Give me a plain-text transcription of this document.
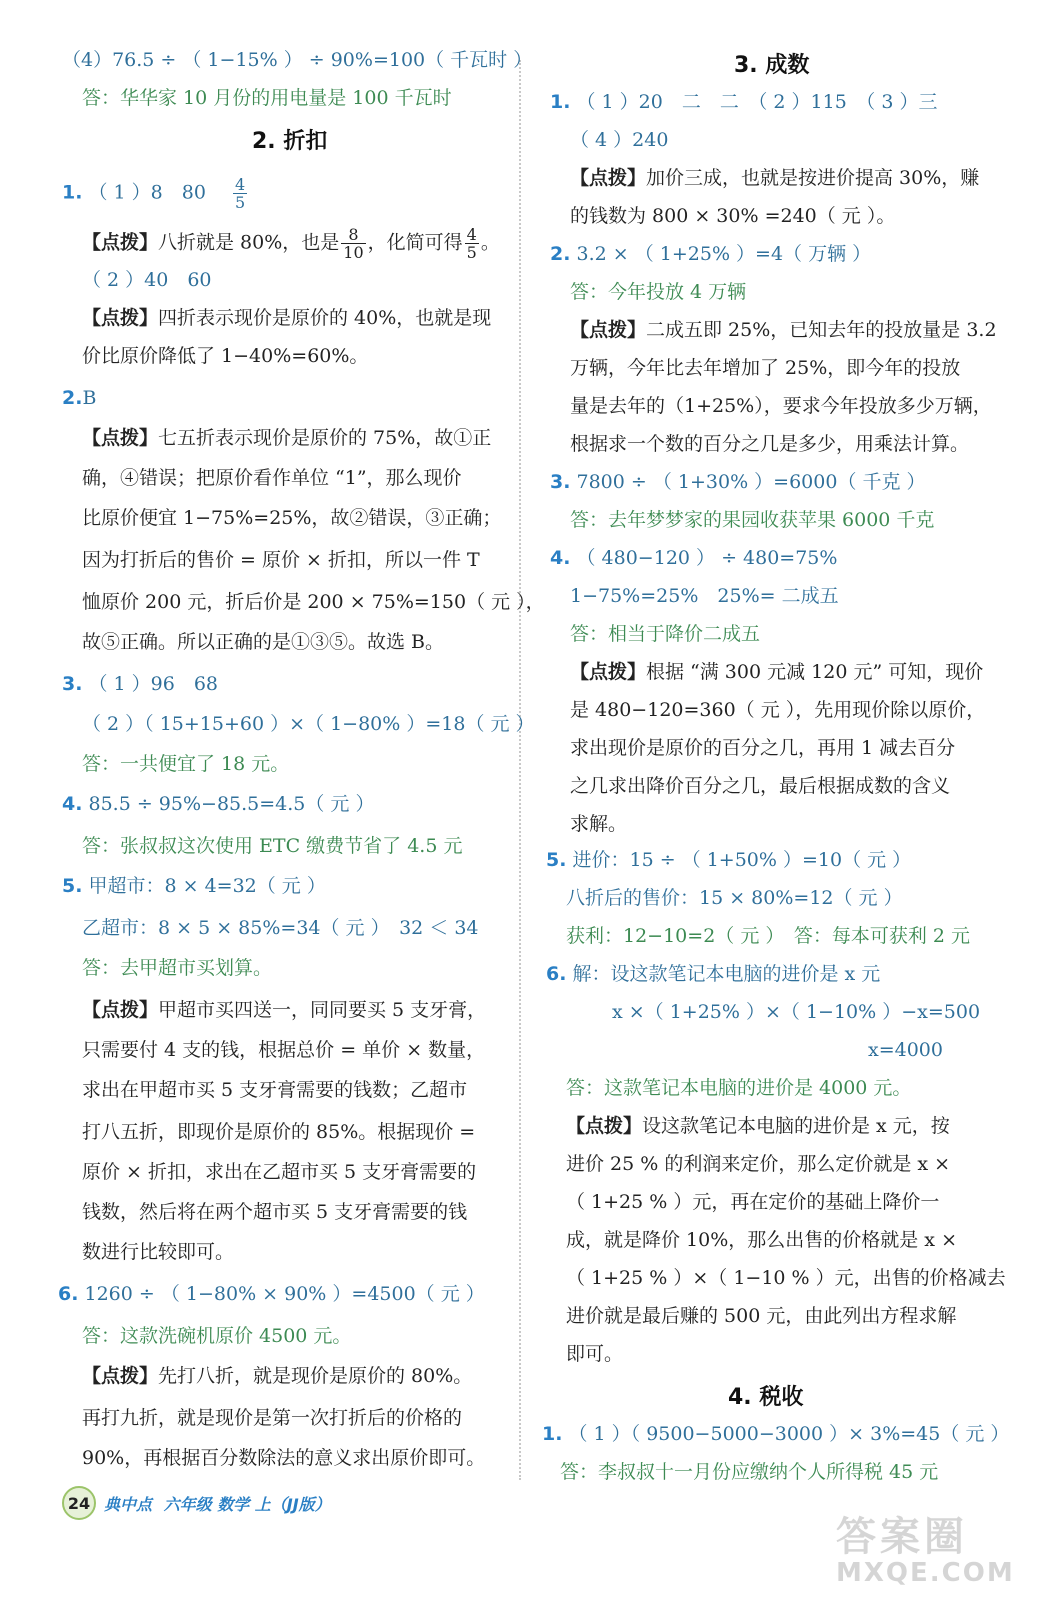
（4）76.5 ÷ （ 1−15% ） ÷ 90%=100（ 千瓦时 ）
答：华华家 10 月份的用电量是 100 千瓦时
2. 折扣
1. （ 1 ）8　80　 $\frac{4}{5}$
【点拨】八折就是 80%，也是 $\frac{8}{10}$ ，化简可得 $\frac{4}{5}$ 。
（ 2 ）40　60
【点拨】四折表示现价是原价的 40%，也就是现
价比原价降低了 1−40%=60%。
2.B
【点拨】七五折表示现价是原价的 75%，故①正
确，④错误；把原价看作单位 “1”，那么现价
比原价便宜 1−75%=25%，故②错误，③正确；
因为打折后的售价 = 原价 × 折扣，所以一件 T
恤原价 200 元，折后价是 200 × 75%=150（ 元 ），
故⑤正确。所以正确的是①③⑤。故选 B。
3. （ 1 ）96　68
（ 2 ）（ 15+15+60 ）×（ 1−80% ）=18（ 元 ）
答：一共便宜了 18 元。
4. 85.5 ÷ 95%−85.5=4.5（ 元 ）
答：张叔叔这次使用 ETC 缴费节省了 4.5 元
5. 甲超市：8 × 4=32（ 元 ）
乙超市：8 × 5 × 85%=34（ 元 ）　32 ＜ 34
答：去甲超市买划算。
【点拨】甲超市买四送一，同同要买 5 支牙膏，
只需要付 4 支的钱，根据总价 = 单价 × 数量，
求出在甲超市买 5 支牙膏需要的钱数；乙超市
打八五折，即现价是原价的 85%。根据现价 =
原价 × 折扣，求出在乙超市买 5 支牙膏需要的
钱数，然后将在两个超市买 5 支牙膏需要的钱
数进行比较即可。
6. 1260 ÷ （ 1−80% × 90% ）=4500（ 元 ）
答：这款洗碗机原价 4500 元。
【点拨】先打八折，就是现价是原价的 80%。
再打九折，就是现价是第一次打折后的价格的
90%，再根据百分数除法的意义求出原价即可。
3. 成数
1. （ 1 ）20　二　二　（ 2 ）115　（ 3 ）三
（ 4 ）240
【点拨】加价三成，也就是按进价提高 30%，赚
的钱数为 800 × 30% =240（ 元 ）。
2. 3.2 × （ 1+25% ）=4（ 万辆 ）
答：今年投放 4 万辆
【点拨】二成五即 25%，已知去年的投放量是 3.2
万辆，今年比去年增加了 25%，即今年的投放
量是去年的（1+25%），要求今年投放多少万辆，
根据求一个数的百分之几是多少，用乘法计算。
3. 7800 ÷ （ 1+30% ）=6000（ 千克 ）
答：去年梦梦家的果园收获苹果 6000 千克
4. （ 480−120 ） ÷ 480=75%
1−75%=25%　25%= 二成五
答：相当于降价二成五
【点拨】根据 “满 300 元减 120 元” 可知，现价
是 480−120=360（ 元 ），先用现价除以原价，
求出现价是原价的百分之几，再用 1 减去百分
之几求出降价百分之几，最后根据成数的含义
求解。
5. 进价：15 ÷ （ 1+50% ）=10（ 元 ）
八折后的售价：15 × 80%=12（ 元 ）
获利：12−10=2（ 元 ）　答：每本可获利 2 元
6. 解：设这款笔记本电脑的进价是 x 元
x ×（ 1+25% ）×（ 1−10% ）−x=500
x=4000
答：这款笔记本电脑的进价是 4000 元。
【点拨】设这款笔记本电脑的进价是 x 元，按
进价 25 % 的利润来定价，那么定价就是 x ×
（ 1+25 % ）元，再在定价的基础上降价一
成，就是降价 10%，那么出售的价格就是 x ×
（ 1+25 % ）×（ 1−10 % ）元，出售的价格减去
进价就是最后赚的 500 元，由此列出方程求解
即可。
4. 税收
1. （ 1 ）（ 9500−5000−3000 ）× 3%=45（ 元 ）
答：李叔叔十一月份应缴纳个人所得税 45 元
24 典中点 六年级 数学 上（JJ版）
答案圈
MXQE.COM
